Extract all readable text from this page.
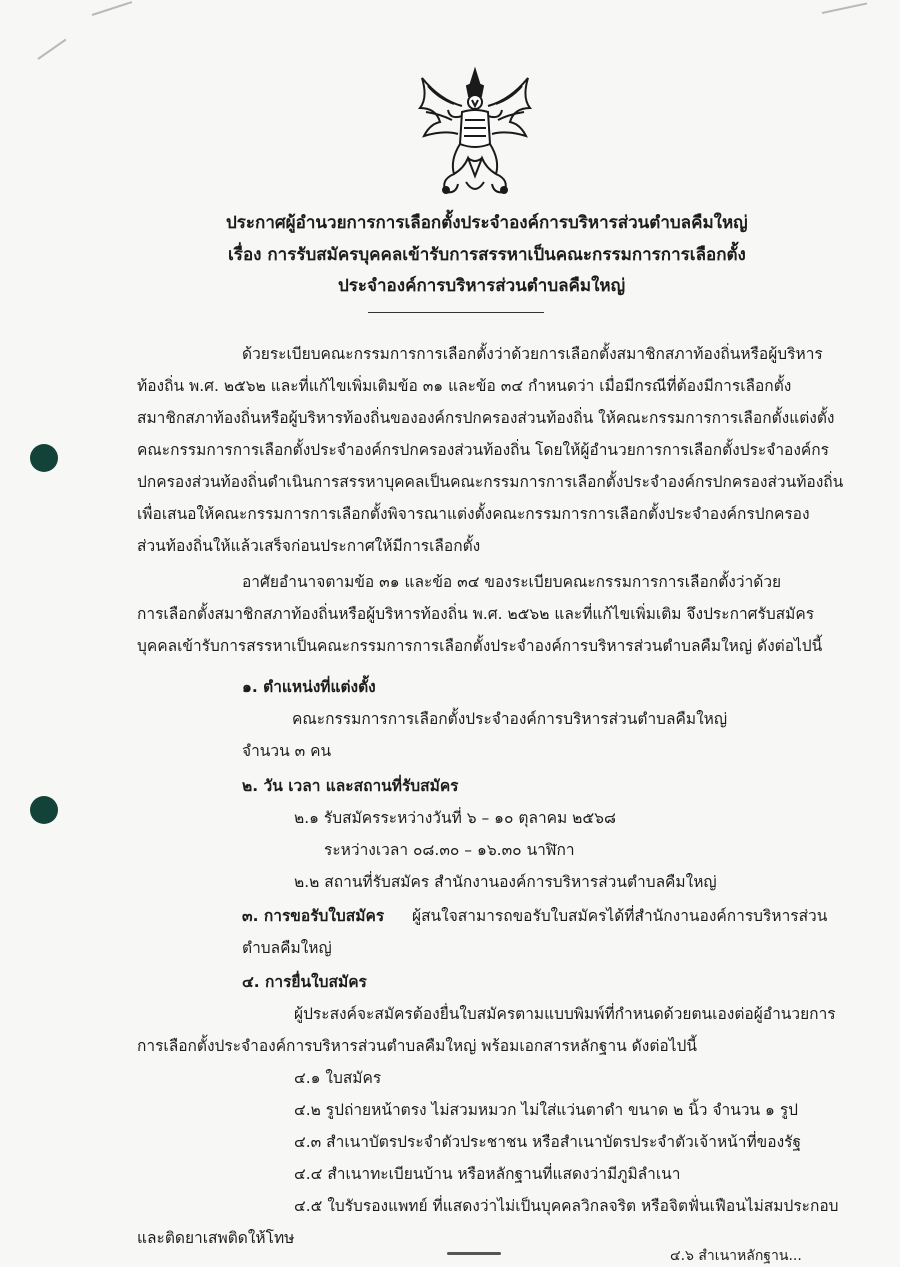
ประกาศผู้อำนวยการการเลือกตั้งประจำองค์การบริหารส่วนตำบลคืมใหญ่
เรื่อง การรับสมัครบุคคลเข้ารับการสรรหาเป็นคณะกรรมการการเลือกตั้ง
ประจำองค์การบริหารส่วนตำบลคืมใหญ่
ด้วยระเบียบคณะกรรมการการเลือกตั้งว่าด้วยการเลือกตั้งสมาชิกสภาท้องถิ่นหรือผู้บริหาร
ท้องถิ่น พ.ศ. ๒๕๖๒ และที่แก้ไขเพิ่มเติมข้อ ๓๑ และข้อ ๓๔ กำหนดว่า เมื่อมีกรณีที่ต้องมีการเลือกตั้ง
สมาชิกสภาท้องถิ่นหรือผู้บริหารท้องถิ่นขององค์กรปกครองส่วนท้องถิ่น ให้คณะกรรมการการเลือกตั้งแต่งตั้ง
คณะกรรมการการเลือกตั้งประจำองค์กรปกครองส่วนท้องถิ่น โดยให้ผู้อำนวยการการเลือกตั้งประจำองค์กร
ปกครองส่วนท้องถิ่นดำเนินการสรรหาบุคคลเป็นคณะกรรมการการเลือกตั้งประจำองค์กรปกครองส่วนท้องถิ่น
เพื่อเสนอให้คณะกรรมการการเลือกตั้งพิจารณาแต่งตั้งคณะกรรมการการเลือกตั้งประจำองค์กรปกครอง
ส่วนท้องถิ่นให้แล้วเสร็จก่อนประกาศให้มีการเลือกตั้ง
อาศัยอำนาจตามข้อ ๓๑ และข้อ ๓๔ ของระเบียบคณะกรรมการการเลือกตั้งว่าด้วย
การเลือกตั้งสมาชิกสภาท้องถิ่นหรือผู้บริหารท้องถิ่น พ.ศ. ๒๕๖๒ และที่แก้ไขเพิ่มเติม จึงประกาศรับสมัคร
บุคคลเข้ารับการสรรหาเป็นคณะกรรมการการเลือกตั้งประจำองค์การบริหารส่วนตำบลคืมใหญ่ ดังต่อไปนี้
๑. ตำแหน่งที่แต่งตั้ง
คณะกรรมการการเลือกตั้งประจำองค์การบริหารส่วนตำบลคืมใหญ่
จำนวน ๓ คน
๒. วัน เวลา และสถานที่รับสมัคร
๒.๑ รับสมัครระหว่างวันที่ ๖ – ๑๐ ตุลาคม ๒๕๖๘
ระหว่างเวลา ๐๘.๓๐ – ๑๖.๓๐ นาฬิกา
๒.๒ สถานที่รับสมัคร สำนักงานองค์การบริหารส่วนตำบลคืมใหญ่
๓. การขอรับใบสมัคร ผู้สนใจสามารถขอรับใบสมัครได้ที่สำนักงานองค์การบริหารส่วน
ตำบลคืมใหญ่
๔. การยื่นใบสมัคร
ผู้ประสงค์จะสมัครต้องยื่นใบสมัครตามแบบพิมพ์ที่กำหนดด้วยตนเองต่อผู้อำนวยการ
การเลือกตั้งประจำองค์การบริหารส่วนตำบลคืมใหญ่ พร้อมเอกสารหลักฐาน ดังต่อไปนี้
๔.๑ ใบสมัคร
๔.๒ รูปถ่ายหน้าตรง ไม่สวมหมวก ไม่ใส่แว่นตาดำ ขนาด ๒ นิ้ว จำนวน ๑ รูป
๔.๓ สำเนาบัตรประจำตัวประชาชน หรือสำเนาบัตรประจำตัวเจ้าหน้าที่ของรัฐ
๔.๔ สำเนาทะเบียนบ้าน หรือหลักฐานที่แสดงว่ามีภูมิลำเนา
๔.๕ ใบรับรองแพทย์ ที่แสดงว่าไม่เป็นบุคคลวิกลจริต หรือจิตฟั่นเฟือนไม่สมประกอบ
และติดยาเสพติดให้โทษ
๔.๖ สำเนาหลักฐาน...
